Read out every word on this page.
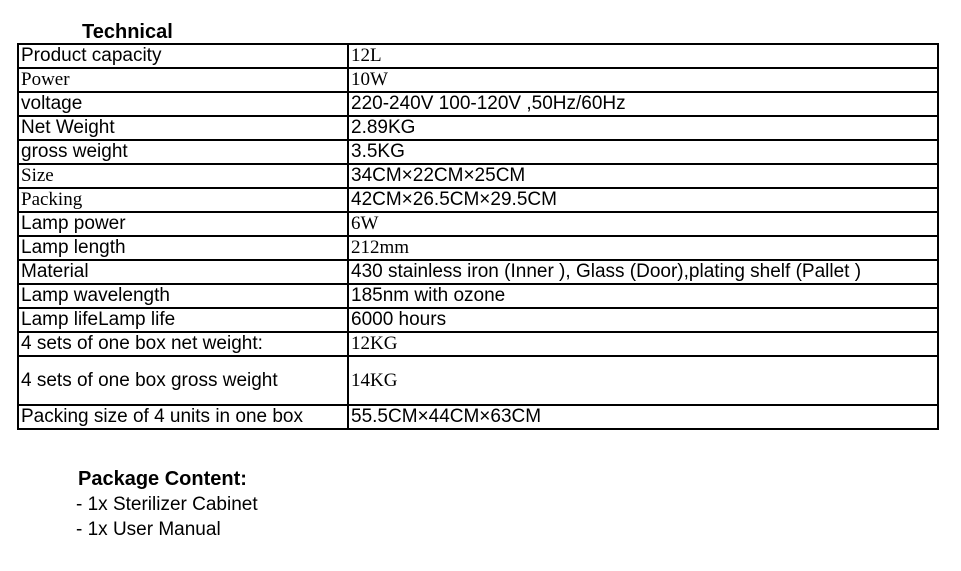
Technical
Product capacity	12L
Power	10W
voltage	220-240V 100-120V ,50Hz/60Hz
Net Weight	2.89KG
gross weight	3.5KG
Size	34CM×22CM×25CM
Packing	42CM×26.5CM×29.5CM
Lamp power	6W
Lamp length	212mm
Material	430 stainless iron (Inner ), Glass (Door),plating shelf (Pallet )
Lamp wavelength	185nm with ozone
Lamp lifeLamp life	6000 hours
4 sets of one box net weight:	12KG
4 sets of one box gross weight	14KG
Packing size of 4 units in one box	55.5CM×44CM×63CM
Package Content:
- 1x Sterilizer Cabinet
- 1x User Manual
